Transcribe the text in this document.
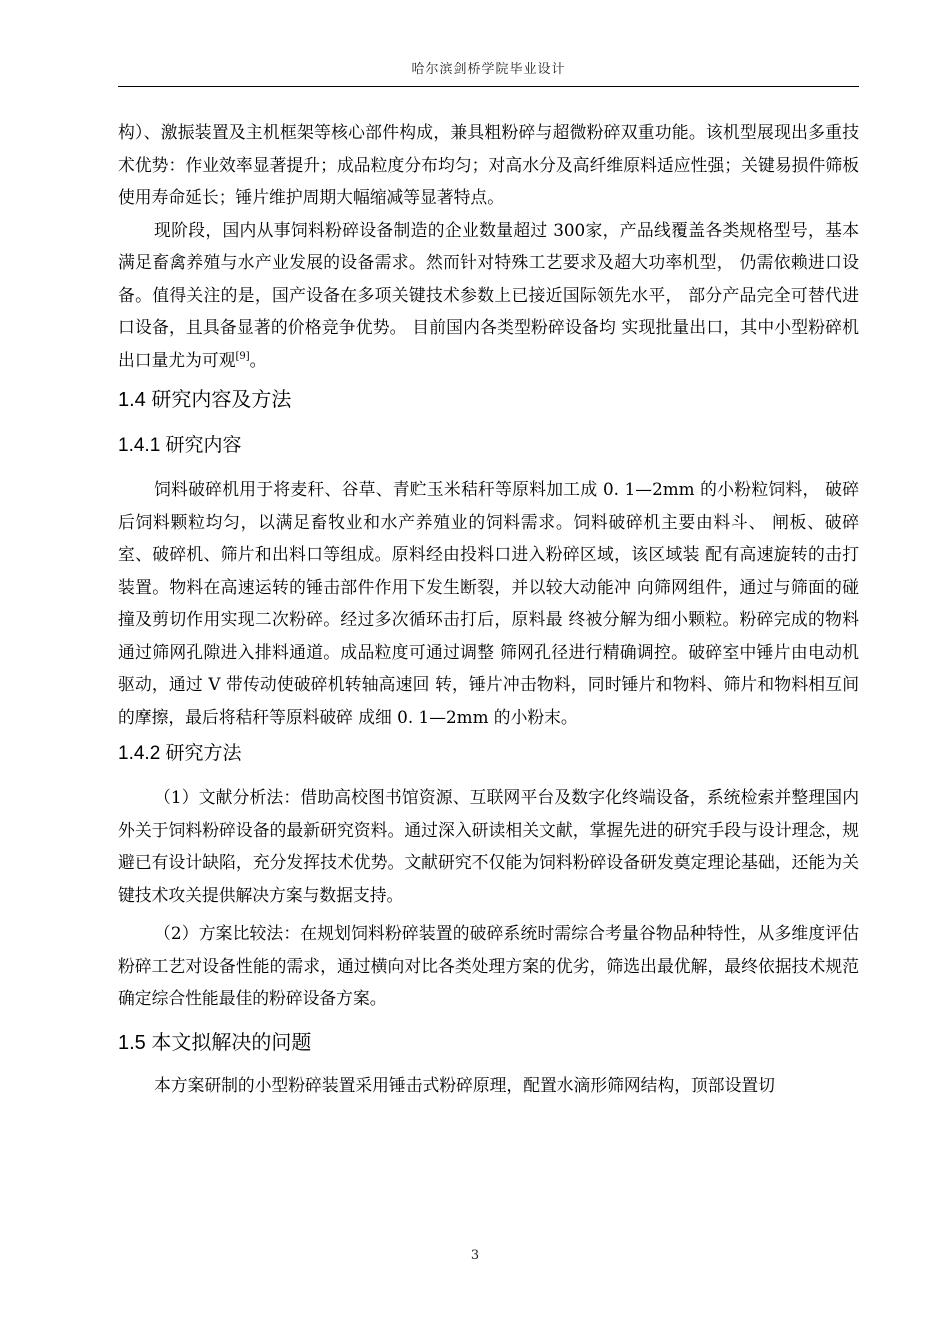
哈尔滨剑桥学院毕业设计

构）、激振装置及主机框架等核心部件构成，兼具粗粉碎与超微粉碎双重功能。该机型展现出多重技术优势：作业效率显著提升；成品粒度分布均匀；对高水分及高纤维原料适应性强；关键易损件筛板使用寿命延长；锤片维护周期大幅缩减等显著特点。

现阶段，国内从事饲料粉碎设备制造的企业数量超过 300家，产品线覆盖各类规格型号，基本满足畜禽养殖与水产业发展的设备需求。然而针对特殊工艺要求及超大功率机型， 仍需依赖进口设备。值得关注的是，国产设备在多项关键技术参数上已接近国际领先水平， 部分产品完全可替代进口设备，且具备显著的价格竞争优势。 目前国内各类型粉碎设备均 实现批量出口，其中小型粉碎机出口量尤为可观[9]。

1.4 研究内容及方法
1.4.1 研究内容

饲料破碎机用于将麦秆、谷草、青贮玉米秸秆等原料加工成 0. 1—2mm 的小粉粒饲料， 破碎后饲料颗粒均匀，以满足畜牧业和水产养殖业的饲料需求。饲料破碎机主要由料斗、 闸板、破碎室、破碎机、筛片和出料口等组成。原料经由投料口进入粉碎区域，该区域装 配有高速旋转的击打装置。物料在高速运转的锤击部件作用下发生断裂，并以较大动能冲 向筛网组件，通过与筛面的碰撞及剪切作用实现二次粉碎。经过多次循环击打后，原料最 终被分解为细小颗粒。粉碎完成的物料通过筛网孔隙进入排料通道。成品粒度可通过调整 筛网孔径进行精确调控。破碎室中锤片由电动机驱动，通过 V 带传动使破碎机转轴高速回 转，锤片冲击物料，同时锤片和物料、筛片和物料相互间的摩擦，最后将秸秆等原料破碎 成细 0. 1—2mm 的小粉末。

1.4.2 研究方法

（1）文献分析法：借助高校图书馆资源、互联网平台及数字化终端设备，系统检索并整理国内外关于饲料粉碎设备的最新研究资料。通过深入研读相关文献，掌握先进的研究手段与设计理念，规避已有设计缺陷，充分发挥技术优势。文献研究不仅能为饲料粉碎设备研发奠定理论基础，还能为关键技术攻关提供解决方案与数据支持。

（2）方案比较法：在规划饲料粉碎装置的破碎系统时需综合考量谷物品种特性，从多维度评估粉碎工艺对设备性能的需求，通过横向对比各类处理方案的优劣，筛选出最优解，最终依据技术规范确定综合性能最佳的粉碎设备方案。

1.5 本文拟解决的问题

本方案研制的小型粉碎装置采用锤击式粉碎原理，配置水滴形筛网结构，顶部设置切

3
